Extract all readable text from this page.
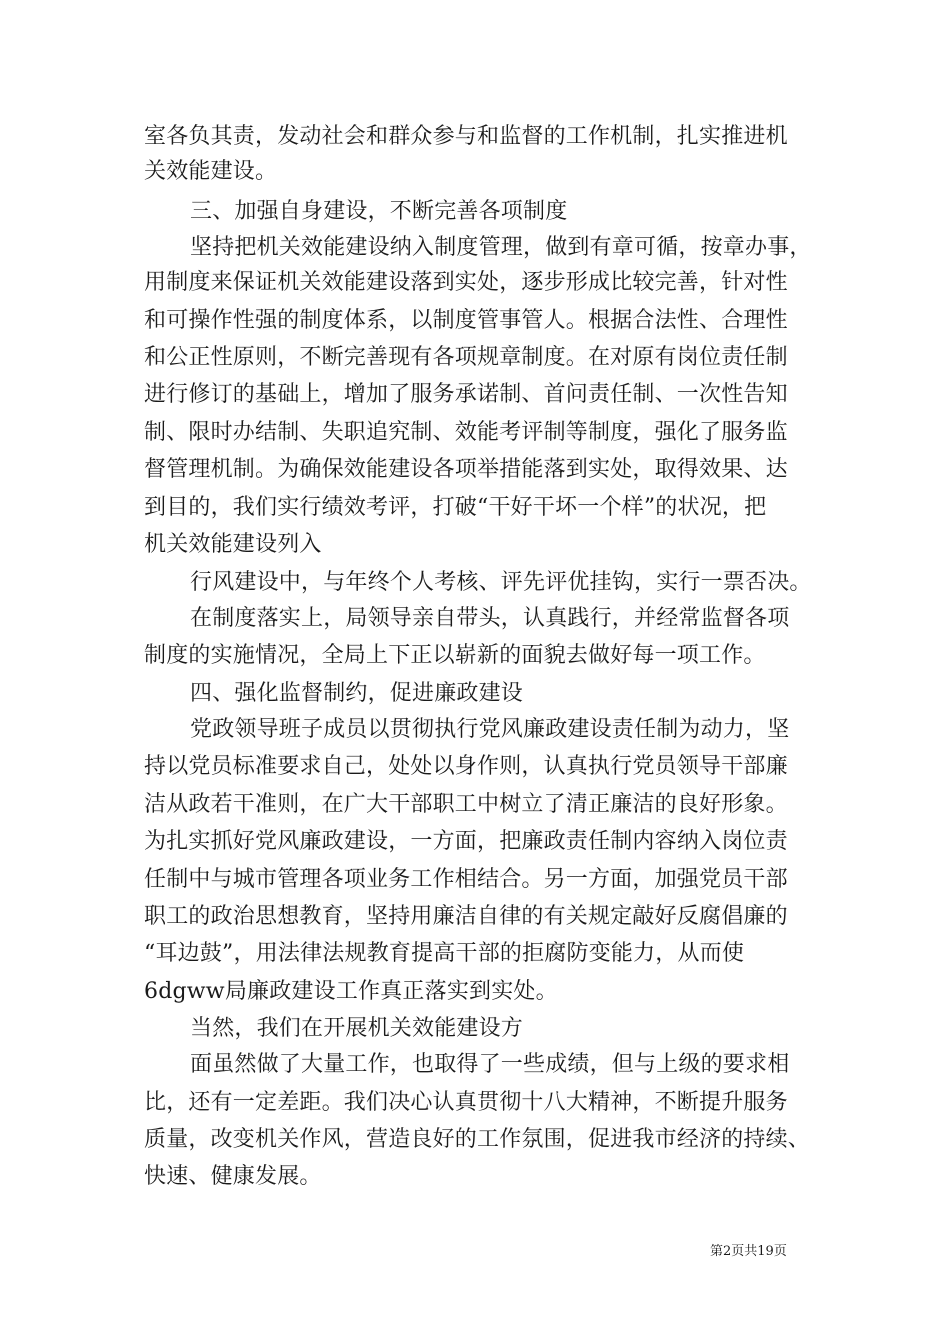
室各负其责，发动社会和群众参与和监督的工作机制，扎实推进机
关效能建设。
三、加强自身建设，不断完善各项制度
坚持把机关效能建设纳入制度管理，做到有章可循，按章办事，
用制度来保证机关效能建设落到实处，逐步形成比较完善，针对性
和可操作性强的制度体系，以制度管事管人。根据合法性、合理性
和公正性原则，不断完善现有各项规章制度。在对原有岗位责任制
进行修订的基础上，增加了服务承诺制、首问责任制、一次性告知
制、限时办结制、失职追究制、效能考评制等制度，强化了服务监
督管理机制。为确保效能建设各项举措能落到实处，取得效果、达
到目的，我们实行绩效考评，打破“干好干坏一个样”的状况，把
机关效能建设列入
行风建设中，与年终个人考核、评先评优挂钩，实行一票否决。
在制度落实上，局领导亲自带头，认真践行，并经常监督各项
制度的实施情况，全局上下正以崭新的面貌去做好每一项工作。
四、强化监督制约，促进廉政建设
党政领导班子成员以贯彻执行党风廉政建设责任制为动力，坚
持以党员标准要求自己，处处以身作则，认真执行党员领导干部廉
洁从政若干准则，在广大干部职工中树立了清正廉洁的良好形象。
为扎实抓好党风廉政建设，一方面，把廉政责任制内容纳入岗位责
任制中与城市管理各项业务工作相结合。另一方面，加强党员干部
职工的政治思想教育，坚持用廉洁自律的有关规定敲好反腐倡廉的
“耳边鼓”，用法律法规教育提高干部的拒腐防变能力，从而使
6dgww局廉政建设工作真正落实到实处。
当然，我们在开展机关效能建设方
面虽然做了大量工作，也取得了一些成绩，但与上级的要求相
比，还有一定差距。我们决心认真贯彻十八大精神，不断提升服务
质量，改变机关作风，营造良好的工作氛围，促进我市经济的持续、
快速、健康发展。
第2页共19页
